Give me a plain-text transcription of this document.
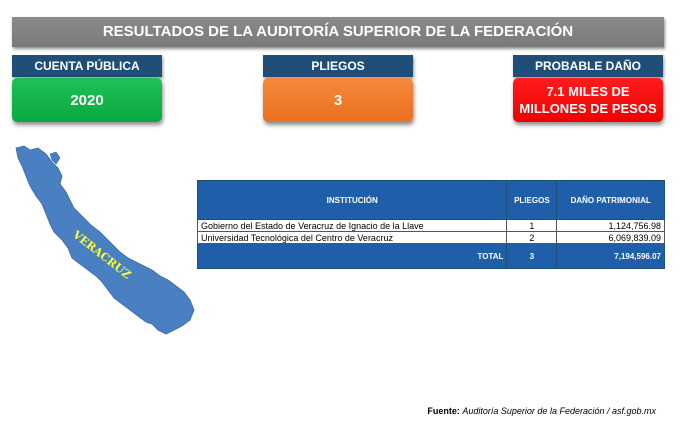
RESULTADOS DE LA AUDITORÍA SUPERIOR DE LA FEDERACIÓN
CUENTA PÚBLICA
2020
PLIEGOS
3
PROBABLE DAÑO
7.1 MILES DE MILLONES DE PESOS
VERACRUZ
INSTITUCIÓN	PLIEGOS	DAÑO PATRIMONIAL
Gobierno del Estado de Veracruz de Ignacio de la Llave	1	1,124,756.98
Universidad Tecnológica del Centro de Veracruz	2	6,069,839.09
TOTAL	3	7,194,596.07
Fuente: Auditoría Superior de la Federación / asf.gob.mx
